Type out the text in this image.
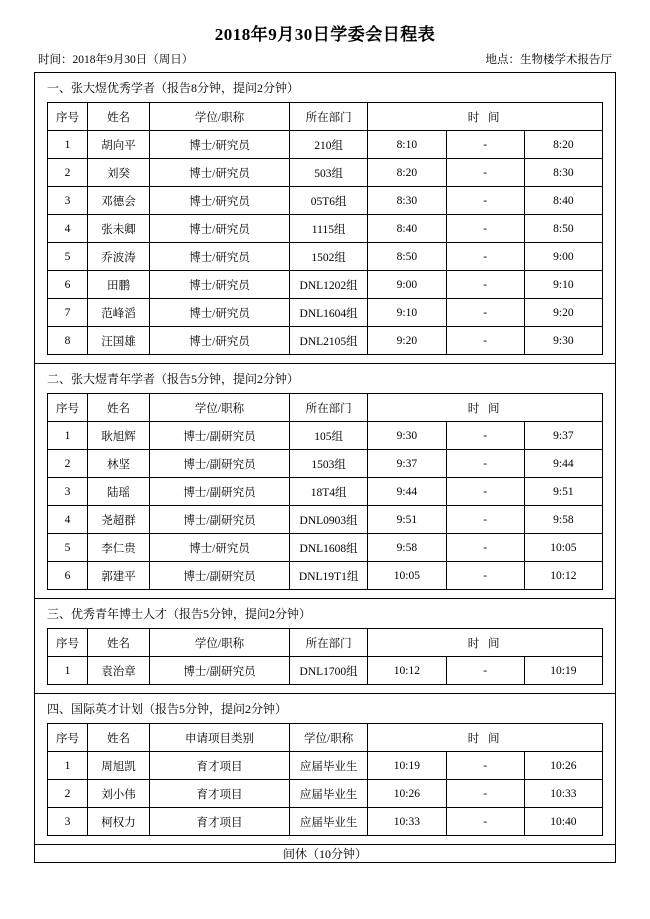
2018年9月30日学委会日程表
时间：2018年9月30日（周日）	地点：生物楼学术报告厅
一、张大煜优秀学者（报告8分钟，提问2分钟）
序号	姓名	学位/职称	所在部门	时 间
1	胡向平	博士/研究员	210组	8:10	-	8:20
2	刘癸	博士/研究员	503组	8:20	-	8:30
3	邓德会	博士/研究员	05T6组	8:30	-	8:40
4	张未卿	博士/研究员	1115组	8:40	-	8:50
5	乔波涛	博士/研究员	1502组	8:50	-	9:00
6	田鹏	博士/研究员	DNL1202组	9:00	-	9:10
7	范峰滔	博士/研究员	DNL1604组	9:10	-	9:20
8	汪国雄	博士/研究员	DNL2105组	9:20	-	9:30

二、张大煜青年学者（报告5分钟，提问2分钟）
序号	姓名	学位/职称	所在部门	时 间
1	耿旭辉	博士/副研究员	105组	9:30	-	9:37
2	林坚	博士/副研究员	1503组	9:37	-	9:44
3	陆瑶	博士/副研究员	18T4组	9:44	-	9:51
4	尧超群	博士/副研究员	DNL0903组	9:51	-	9:58
5	李仁贵	博士/研究员	DNL1608组	9:58	-	10:05
6	郭建平	博士/副研究员	DNL19T1组	10:05	-	10:12

三、优秀青年博士人才（报告5分钟，提问2分钟）
序号	姓名	学位/职称	所在部门	时 间
1	袁治章	博士/副研究员	DNL1700组	10:12	-	10:19

四、国际英才计划（报告5分钟，提问2分钟）
序号	姓名	申请项目类别	学位/职称	时 间
1	周旭凯	育才项目	应届毕业生	10:19	-	10:26
2	刘小伟	育才项目	应届毕业生	10:26	-	10:33
3	柯权力	育才项目	应届毕业生	10:33	-	10:40

间休（10分钟）
